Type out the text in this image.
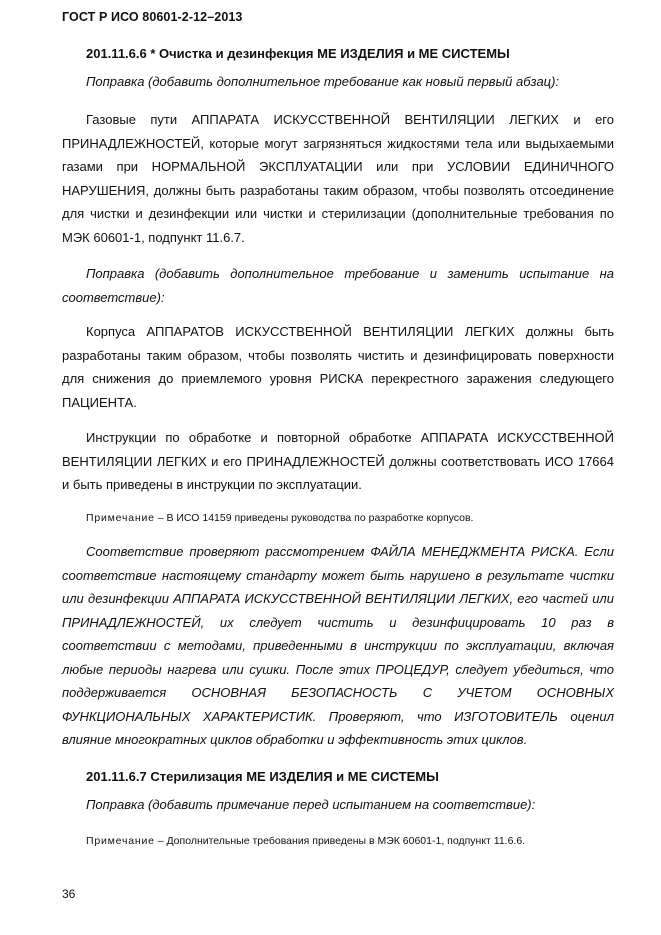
ГОСТ Р ИСО 80601-2-12–2013
201.11.6.6 * Очистка и дезинфекция МЕ ИЗДЕЛИЯ и МЕ СИСТЕМЫ

Поправка (добавить дополнительное требование как новый первый абзац):

Газовые пути АППАРАТА ИСКУССТВЕННОЙ ВЕНТИЛЯЦИИ ЛЕГКИХ и его ПРИНАДЛЕЖНОСТЕЙ, которые могут загрязняться жидкостями тела или выдыхаемыми газами при НОРМАЛЬНОЙ ЭКСПЛУАТАЦИИ или при УСЛОВИИ ЕДИНИЧНОГО НАРУШЕНИЯ, должны быть разработаны таким образом, чтобы позволять отсоединение для чистки и дезинфекции или чистки и стерилизации (дополнительные требования по МЭК 60601-1, подпункт 11.6.7.

Поправка (добавить дополнительное требование и заменить испытание на соответствие):

Корпуса АППАРАТОВ ИСКУССТВЕННОЙ ВЕНТИЛЯЦИИ ЛЕГКИХ должны быть разработаны таким образом, чтобы позволять чистить и дезинфицировать поверхности для снижения до приемлемого уровня РИСКА перекрестного заражения следующего ПАЦИЕНТА.

Инструкции по обработке и повторной обработке АППАРАТА ИСКУССТВЕННОЙ ВЕНТИЛЯЦИИ ЛЕГКИХ и его ПРИНАДЛЕЖНОСТЕЙ должны соответствовать ИСО 17664 и быть приведены в инструкции по эксплуатации.

Примечание – В ИСО 14159 приведены руководства по разработке корпусов.

Соответствие проверяют рассмотрением ФАЙЛА МЕНЕДЖМЕНТА РИСКА. Если соответствие настоящему стандарту может быть нарушено в результате чистки или дезинфекции АППАРАТА ИСКУССТВЕННОЙ ВЕНТИЛЯЦИИ ЛЕГКИХ, его частей или ПРИНАДЛЕЖНОСТЕЙ, их следует чистить и дезинфицировать 10 раз в соответствии с методами, приведенными в инструкции по эксплуатации, включая любые периоды нагрева или сушки. После этих ПРОЦЕДУР, следует убедиться, что поддерживается ОСНОВНАЯ БЕЗОПАСНОСТЬ С УЧЕТОМ ОСНОВНЫХ ФУНКЦИОНАЛЬНЫХ ХАРАКТЕРИСТИК. Проверяют, что ИЗГОТОВИТЕЛЬ оценил влияние многократных циклов обработки и эффективность этих циклов.

201.11.6.7 Стерилизация МЕ ИЗДЕЛИЯ и МЕ СИСТЕМЫ

Поправка (добавить примечание перед испытанием на соответствие):

Примечание – Дополнительные требования приведены в МЭК 60601-1, подпункт 11.6.6.

36
